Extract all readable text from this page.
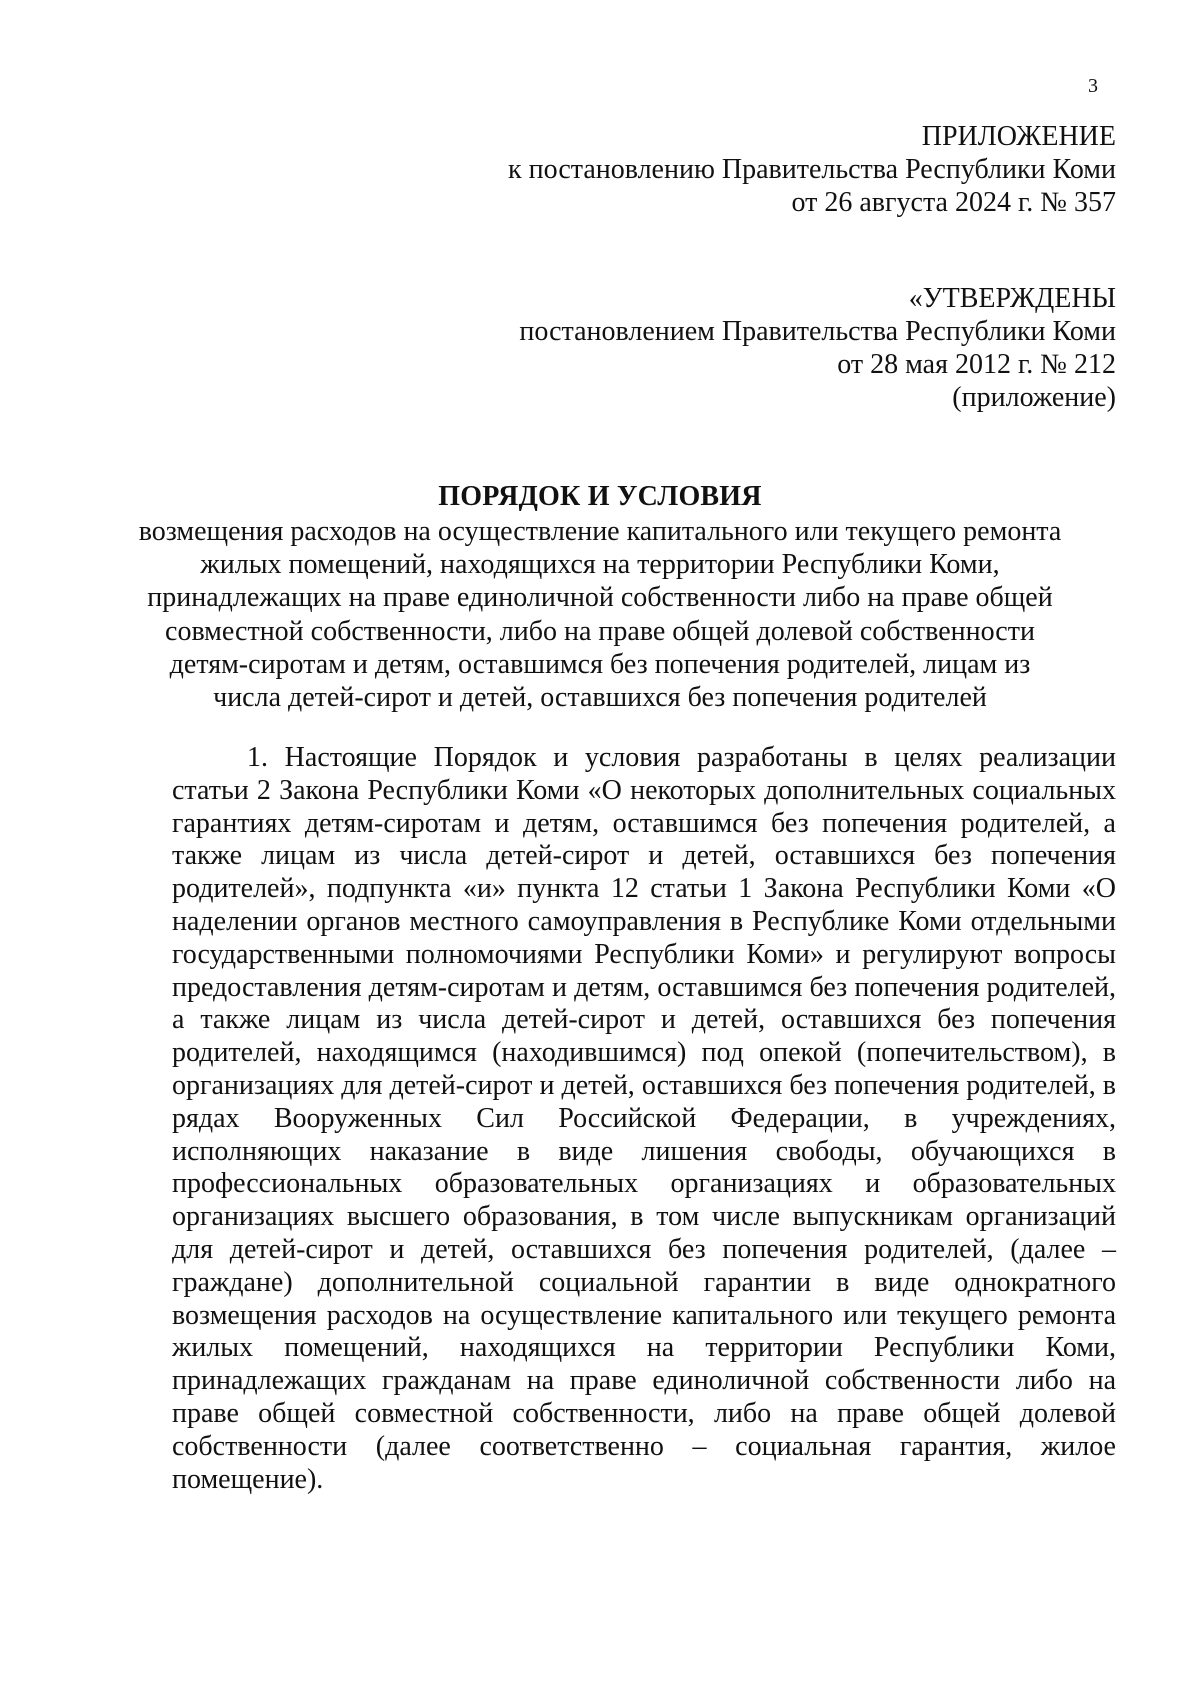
3
ПРИЛОЖЕНИЕ
к постановлению Правительства Республики Коми
от 26 августа 2024 г. № 357
«УТВЕРЖДЕНЫ
постановлением Правительства Республики Коми
от 28 мая 2012 г. № 212
(приложение)
ПОРЯДОК И УСЛОВИЯ
возмещения расходов на осуществление капитального или текущего ремонта
жилых помещений, находящихся на территории Республики Коми,
принадлежащих на праве единоличной собственности либо на праве общей
совместной собственности, либо на праве общей долевой собственности
детям-сиротам и детям, оставшимся без попечения родителей, лицам из
числа детей-сирот и детей, оставшихся без попечения родителей

1. Настоящие Порядок и условия разработаны в целях реализации статьи 2 Закона Республики Коми «О некоторых дополнительных социальных гарантиях детям-сиротам и детям, оставшимся без попечения родителей, а также лицам из числа детей-сирот и детей, оставшихся без попечения родителей», подпункта «и» пункта 12 статьи 1 Закона Республики Коми «О наделении органов местного самоуправления в Республике Коми отдельными государственными полномочиями Республики Коми» и регулируют вопросы предоставления детям-сиротам и детям, оставшимся без попечения родителей, а также лицам из числа детей-сирот и детей, оставшихся без попечения родителей, находящимся (находившимся) под опекой (попечительством), в организациях для детей-сирот и детей, оставшихся без попечения родителей, в рядах Вооруженных Сил Российской Федерации, в учреждениях, исполняющих наказание в виде лишения свободы, обучающихся в профессиональных образовательных организациях и образовательных организациях высшего образования, в том числе выпускникам организаций для детей-сирот и детей, оставшихся без попечения родителей, (далее – граждане) дополнительной социальной гарантии в виде однократного возмещения расходов на осуществление капитального или текущего ремонта жилых помещений, находящихся на территории Республики Коми, принадлежащих гражданам на праве единоличной собственности либо на праве общей совместной собственности, либо на праве общей долевой собственности (далее соответственно – социальная гарантия, жилое помещение).
